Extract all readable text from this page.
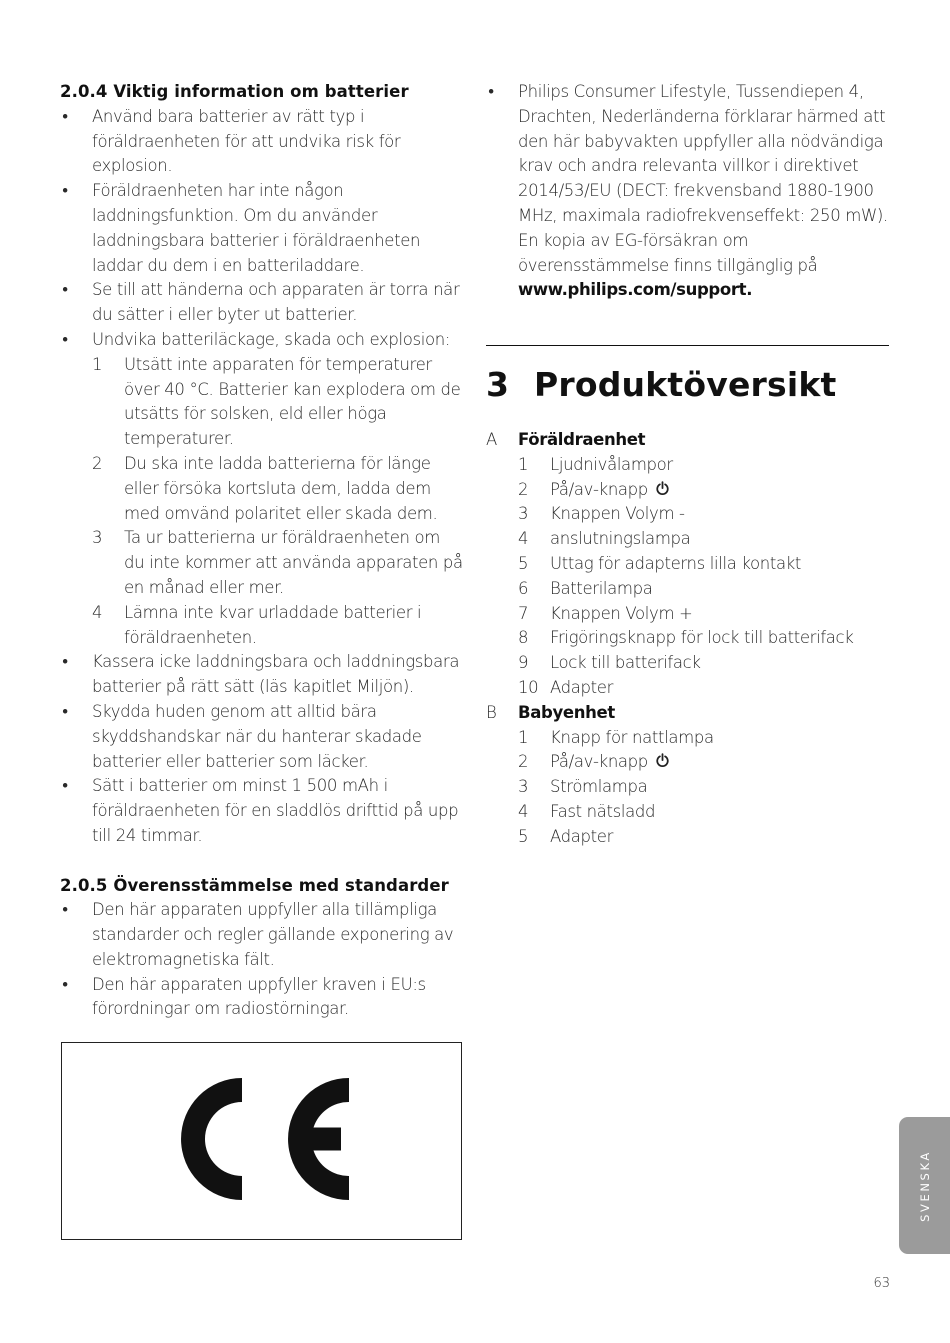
2.0.4 Viktig information om batterier
• Använd bara batterier av rätt typ i föräldraenheten för att undvika risk för explosion.
• Föräldraenheten har inte någon laddningsfunktion. Om du använder laddningsbara batterier i föräldraenheten laddar du dem i en batteriladdare.
• Se till att händerna och apparaten är torra när du sätter i eller byter ut batterier.
• Undvika batteriläckage, skada och explosion:
1 Utsätt inte apparaten för temperaturer över 40 °C. Batterier kan explodera om de utsätts för solsken, eld eller höga temperaturer.
2 Du ska inte ladda batterierna för länge eller försöka kortsluta dem, ladda dem med omvänd polaritet eller skada dem.
3 Ta ur batterierna ur föräldraenheten om du inte kommer att använda apparaten på en månad eller mer.
4 Lämna inte kvar urladdade batterier i föräldraenheten.
• Kassera icke laddningsbara och laddningsbara batterier på rätt sätt (läs kapitlet Miljön).
• Skydda huden genom att alltid bära skyddshandskar när du hanterar skadade batterier eller batterier som läcker.
• Sätt i batterier om minst 1 500 mAh i föräldraenheten för en sladdlös drifttid på upp till 24 timmar.
2.0.5 Överensstämmelse med standarder
• Den här apparaten uppfyller alla tillämpliga standarder och regler gällande exponering av elektromagnetiska fält.
• Den här apparaten uppfyller kraven i EU:s förordningar om radiostörningar.
• Philips Consumer Lifestyle, Tussendiepen 4, Drachten, Nederländerna förklarar härmed att den här babyvakten uppfyller alla nödvändiga krav och andra relevanta villkor i direktivet 2014/53/EU (DECT: frekvensband 1880-1900 MHz, maximala radiofrekvenseffekt: 250 mW). En kopia av EG-försäkran om överensstämmelse finns tillgänglig på
www.philips.com/support.
3 Produktöversikt
A Föräldraenhet
1 Ljudnivålampor
2 På/av-knapp
3 Knappen Volym -
4 anslutningslampa
5 Uttag för adapterns lilla kontakt
6 Batterilampa
7 Knappen Volym +
8 Frigöringsknapp för lock till batterifack
9 Lock till batterifack
10 Adapter
B Babyenhet
1 Knapp för nattlampa
2 På/av-knapp
3 Strömlampa
4 Fast nätsladd
5 Adapter
SVENSKA
63
